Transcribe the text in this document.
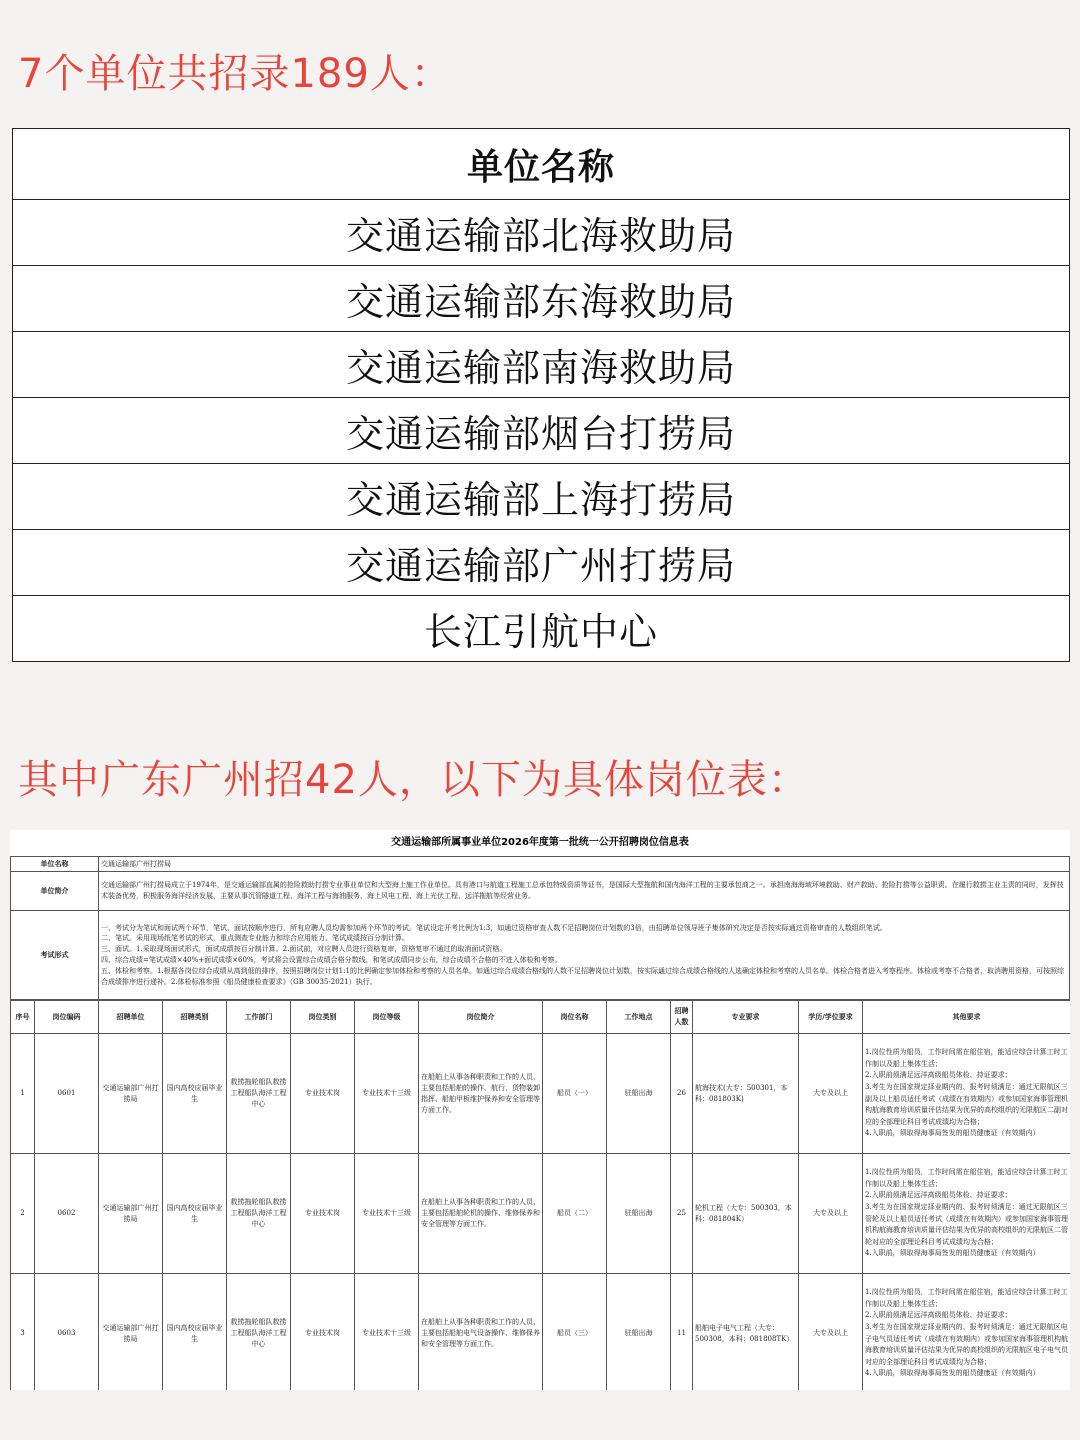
7个单位共招录189人：
单位名称
交通运输部北海救助局
交通运输部东海救助局
交通运输部南海救助局
交通运输部烟台打捞局
交通运输部上海打捞局
交通运输部广州打捞局
长江引航中心
其中广东广州招42人，以下为具体岗位表：
交通运输部所属事业单位2026年度第一批统一公开招聘岗位信息表
单位名称	交通运输部广州打捞局
单位简介	交通运输部广州打捞局成立于1974年，是交通运输部直属的抢险救助打捞专业事业单位和大型海上施工作业单位。具有港口与航道工程施工总承包特级资质等证书，是国际大型拖航和国内海洋工程的主要承包商之一。承担南海海域环境救助、财产救助、抢险打捞等公益职责。在履行救捞主业主责的同时，发挥技术装备优势，积极服务海洋经济发展，主要从事沉管隧道工程、海洋工程与海油服务、海上风电工程、海上光伏工程、远洋拖航等经营业务。
考试形式	一、考试分为笔试和面试两个环节，笔试、面试按顺序进行，所有应聘人员均需参加两个环节的考试。笔试设定开考比例为1:3，如通过资格审查人数不足招聘岗位计划数的3倍，由招聘单位领导班子集体研究决定是否按实际通过资格审查的人数组织笔试。
二、笔试。采用现场纸笔考试的形式，重点测查专业能力和综合应用能力，笔试成绩按百分制计算。
三、面试。1.采取现场面试形式，面试成绩按百分制计算。2.面试前，对应聘人员进行资格复审，资格复审不通过的取消面试资格。
四、综合成绩=笔试成绩×40%+面试成绩×60%，考试将会设置综合成绩合格分数线，和笔试成绩同步公布，综合成绩不合格的不进入体检和考察。
五、体检和考察。1.根据各岗位综合成绩从高到低的排序，按照招聘岗位计划1:1的比例确定参加体检和考察的人员名单。如通过综合成绩合格线的人数不足招聘岗位计划数，按实际通过综合成绩合格线的人选确定体检和考察的人员名单。体检合格者进入考察程序。体检或考察不合格者，取消聘用资格，可按照综合成绩排序进行递补。2.体检标准参照《船员健康检查要求》（GB 30035-2021）执行。
序号	岗位编码	招聘单位	招聘类别	工作部门	岗位类别	岗位等级	岗位简介	岗位名称	工作地点	招聘人数	专业要求	学历/学位要求	其他要求
1	0601	交通运输部广州打捞局	国内高校应届毕业生	救捞拖轮船队救捞工程船队海洋工程中心	专业技术岗	专业技术十三级	在船舶上从事各种职责和工作的人员，主要包括船舶的操作、航行、货物装卸指挥、船舶甲板维护保养和安全管理等方面工作。	船员（一）	驻船出海	26	航海技术(大专：500301，本科：081803K)	大专及以上	1.岗位性质为船员，工作时间需在船住宿，能适应综合计算工时工作制以及船上集体生活；
2.入职前须满足远洋高级船员体检、持证要求；
3.考生为在国家规定择业期内的、报考时须满足：通过无限航区三副及以上船员适任考试（成绩在有效期内）或参加国家海事管理机构航海教育培训质量评估结果为优异的高校组织的无限航区二副对应的全部理论科目考试成绩均为合格；
4.入职前，须取得海事局签发的船员健康证（有效期内）

2	0602	交通运输部广州打捞局	国内高校应届毕业生	救捞拖轮船队救捞工程船队海洋工程中心	专业技术岗	专业技术十三级	在船舶上从事各种职责和工作的人员，主要包括船舶轮机的操作、维修保养和安全管理等方面工作。	船员（二）	驻船出海	25	轮机工程（大专：500303，本科：081804K）	大专及以上	1.岗位性质为船员，工作时间需在船住宿，能适应综合计算工时工作制以及船上集体生活；
2.入职前须满足远洋高级船员体检、持证要求；
3.考生为在国家规定择业期内的、报考时须满足：通过无限航区三管轮及以上船员适任考试（成绩在有效期内）或参加国家海事管理机构航海教育培训质量评估结果为优异的高校组织的无限航区二管轮对应的全部理论科目考试成绩均为合格；
4.入职前，须取得海事局签发的船员健康证（有效期内）

3	0603	交通运输部广州打捞局	国内高校应届毕业生	救捞拖轮船队救捞工程船队海洋工程中心	专业技术岗	专业技术十三级	在船舶上从事各种职责和工作的人员，主要包括船舶电气设备操作、维修保养和安全管理等方面工作。	船员（三）	驻船出海	11	船舶电子电气工程（大专：500308，本科：081808TK）	大专及以上	1.岗位性质为船员，工作时间需在船住宿，能适应综合计算工时工作制以及船上集体生活；
2.入职前须满足远洋高级船员体检、持证要求；
3.考生为在国家规定择业期内的、报考时须满足：通过无限航区电子电气员适任考试（成绩在有效期内）或参加国家海事管理机构航海教育培训质量评估结果为优异的高校组织的无限航区电子电气员对应的全部理论科目考试成绩均为合格；
4.入职前，须取得海事局签发的船员健康证（有效期内）
